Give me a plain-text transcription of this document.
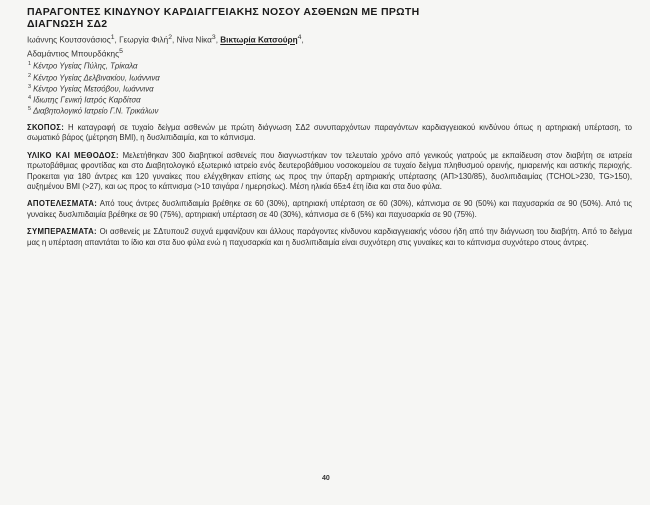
ΠΑΡΑΓΟΝΤΕΣ ΚΙΝΔΥΝΟΥ ΚΑΡΔΙΑΓΓΕΙΑΚΗΣ ΝΟΣΟΥ ΑΣΘΕΝΩΝ ΜΕ ΠΡΩΤΗ
ΔΙΑΓΝΩΣΗ ΣΔ2
Ιωάννης Κουτσονάσιος$^1$, Γεωργία Φιλή$^2$, Νίνα Νίκα$^3$, Βικτωρία Κατσούρη$^4$,
Αδαμάντιος Μπουρδάκης$^5$
$^1$ Κέντρο Υγείας Πύλης, Τρίκαλα
$^2$ Κέντρο Υγείας Δελβινακίου, Ιωάννινα
$^3$ Κέντρο Υγείας Μετσόβου, Ιωάννινα
$^4$ Ιδιωτης Γενική Ιατρός Καρδίτσα
$^5$ Διαβητολογικό Ιατρείο Γ.Ν. Τρικάλων
ΣΚΟΠΟΣ: Η καταγραφή σε τυχαίο δείγμα ασθενών με πρώτη διάγνωση ΣΔ2 συνυπαρχόντων παραγόντων καρδιαγγειακού κινδύνου όπως η αρτηριακή υπέρταση, το σωματικό βάρος (μέτρηση BMI), η δυσλιπιδαιμία, και το κάπνισμα.
ΥΛΙΚΟ ΚΑΙ ΜΕΘΟΔΟΣ: Μελετήθηκαν 300 διαβητικοί ασθενείς που διαγνωστήκαν τον τελευταίο χρόνο από γενικούς γιατρούς με εκπαίδευση στον διαβήτη σε ιατρεία πρωτοβάθμιας φροντίδας και στο Διαβητολογικό εξωτερικό ιατρείο ενός δευτεροβάθμιου νοσοκομείου σε τυχαίο δείγμα πληθυσμού ορεινής, ημιαρεινής και αστικής περιοχής. Προκειται για 180 άντρες και 120 γυναίκες που ελέγχθηκαν επίσης ως προς την ύπαρξη αρτηριακής υπέρτασης (ΑΠ>130/85), δυσλιπιδαιμίας (TCHOL>230, TG>150), αυξημένου BMI (>27), και ως προς το κάπνισμα (>10 τσιγάρα / ημερησίως). Μέση ηλικία 65±4 έτη ίδια και στα δυο φύλα.
ΑΠΟΤΕΛΕΣΜΑΤΑ: Από τους άντρες δυσλιπιδαιμία βρέθηκε σε 60 (30%), αρτηριακή υπέρταση σε 60 (30%), κάπνισμα σε 90 (50%) και παχυσαρκία σε 90 (50%). Από τις γυναίκες δυσλιπιδαιμία βρέθηκε σε 90 (75%), αρτηριακή υπέρταση σε 40 (30%), κάπνισμα σε 6 (5%) και παχυσαρκία σε 90 (75%).
ΣΥΜΠΕΡΑΣΜΑΤΑ: Οι ασθενείς με ΣΔτυπου2 συχνά εμφανίζουν και άλλους παράγοντες κίνδυνου καρδιαγγειακής νόσου ήδη από την διάγνωση του διαβήτη. Από το δείγμα μας η υπέρταση απαντάται το ίδιο και στα δυο φύλα ενώ η παχυσαρκία και η δυσλιπιδαιμία είναι συχνότερη στις γυναίκες και το κάπνισμα συχνότερο στους άντρες.
40
